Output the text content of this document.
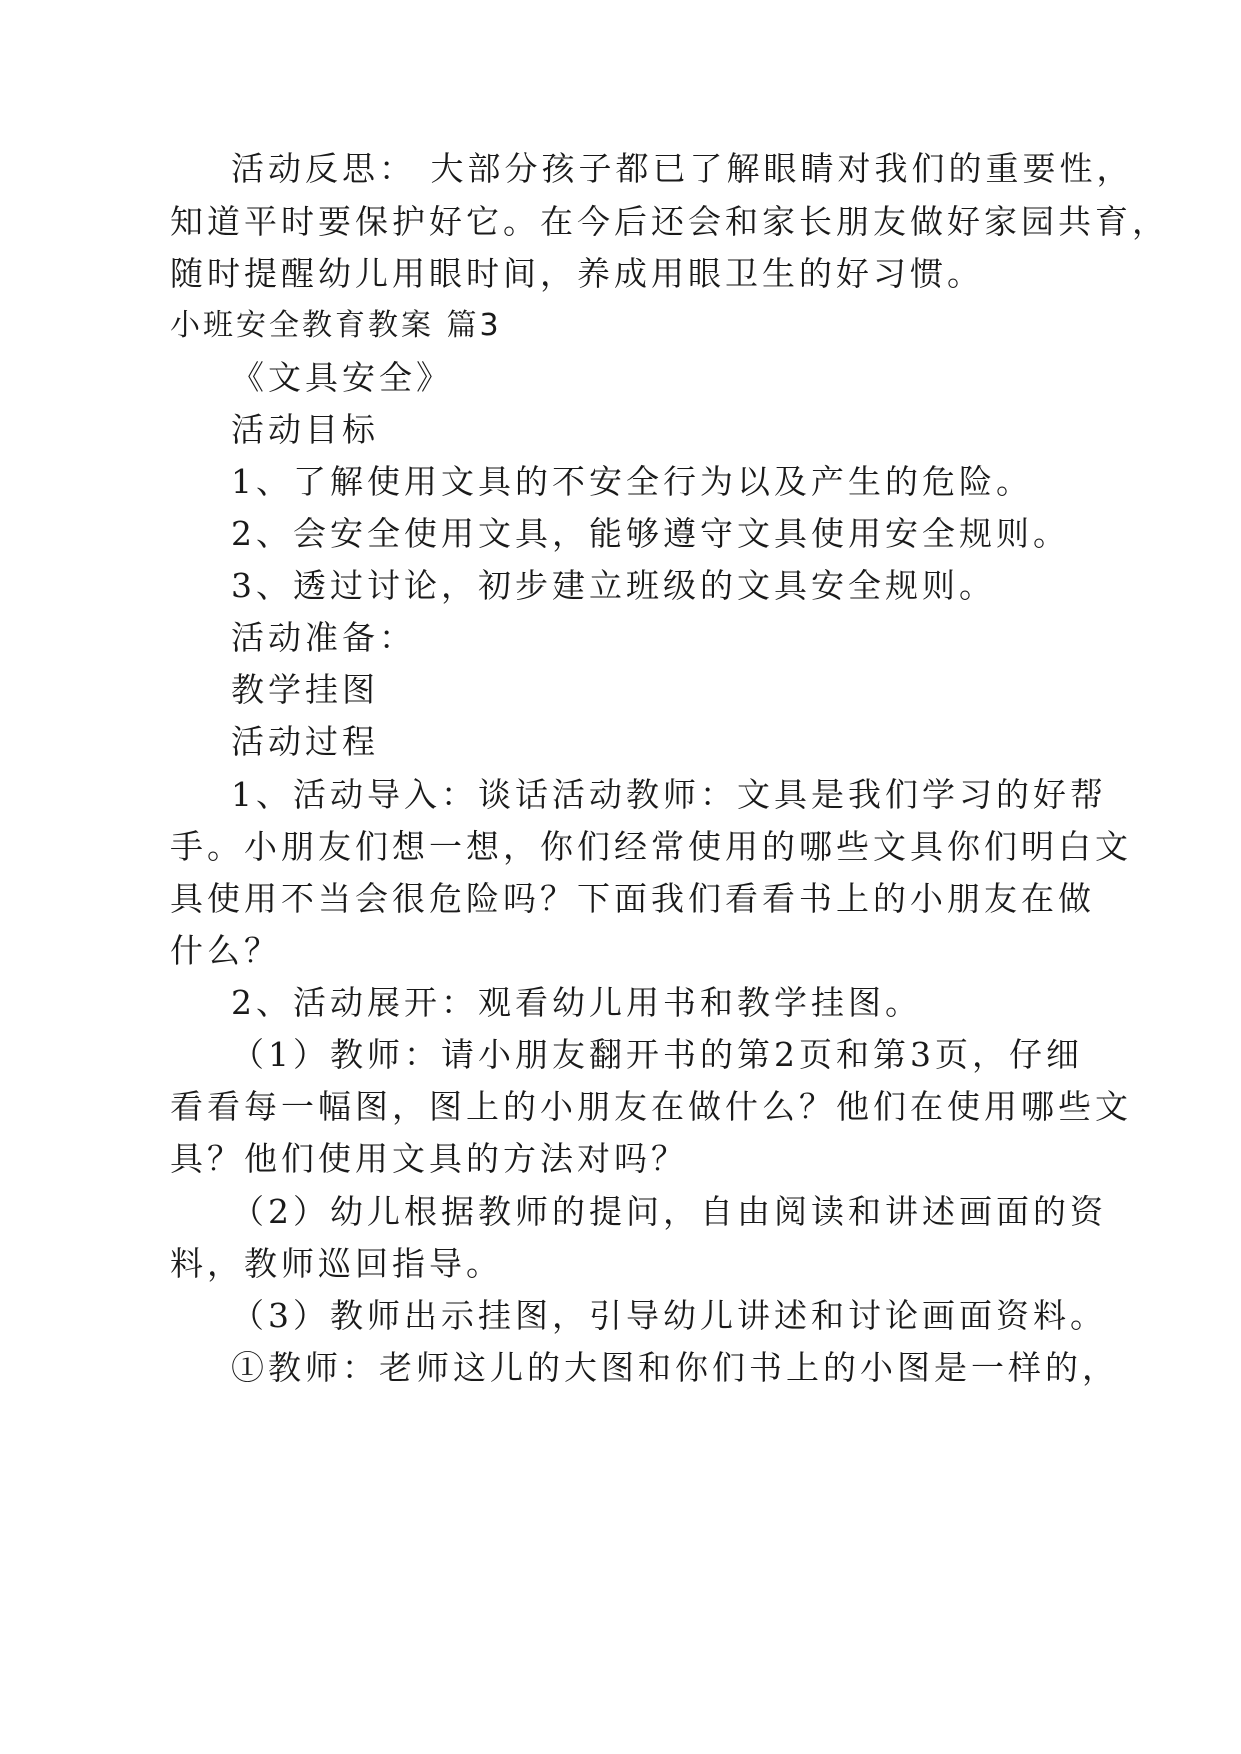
活动反思： 大部分孩子都已了解眼睛对我们的重要性，
知道平时要保护好它。在今后还会和家长朋友做好家园共育，
随时提醒幼儿用眼时间，养成用眼卫生的好习惯。
小班安全教育教案 篇3
《文具安全》
活动目标
1、了解使用文具的不安全行为以及产生的危险。
2、会安全使用文具，能够遵守文具使用安全规则。
3、透过讨论，初步建立班级的文具安全规则。
活动准备：
教学挂图
活动过程
1、活动导入：谈话活动教师：文具是我们学习的好帮
手。小朋友们想一想，你们经常使用的哪些文具你们明白文
具使用不当会很危险吗？下面我们看看书上的小朋友在做
什么？
2、活动展开：观看幼儿用书和教学挂图。
（1）教师：请小朋友翻开书的第2页和第3页，仔细
看看每一幅图，图上的小朋友在做什么？他们在使用哪些文
具？他们使用文具的方法对吗？
（2）幼儿根据教师的提问，自由阅读和讲述画面的资
料，教师巡回指导。
（3）教师出示挂图，引导幼儿讲述和讨论画面资料。
①教师：老师这儿的大图和你们书上的小图是一样的，
